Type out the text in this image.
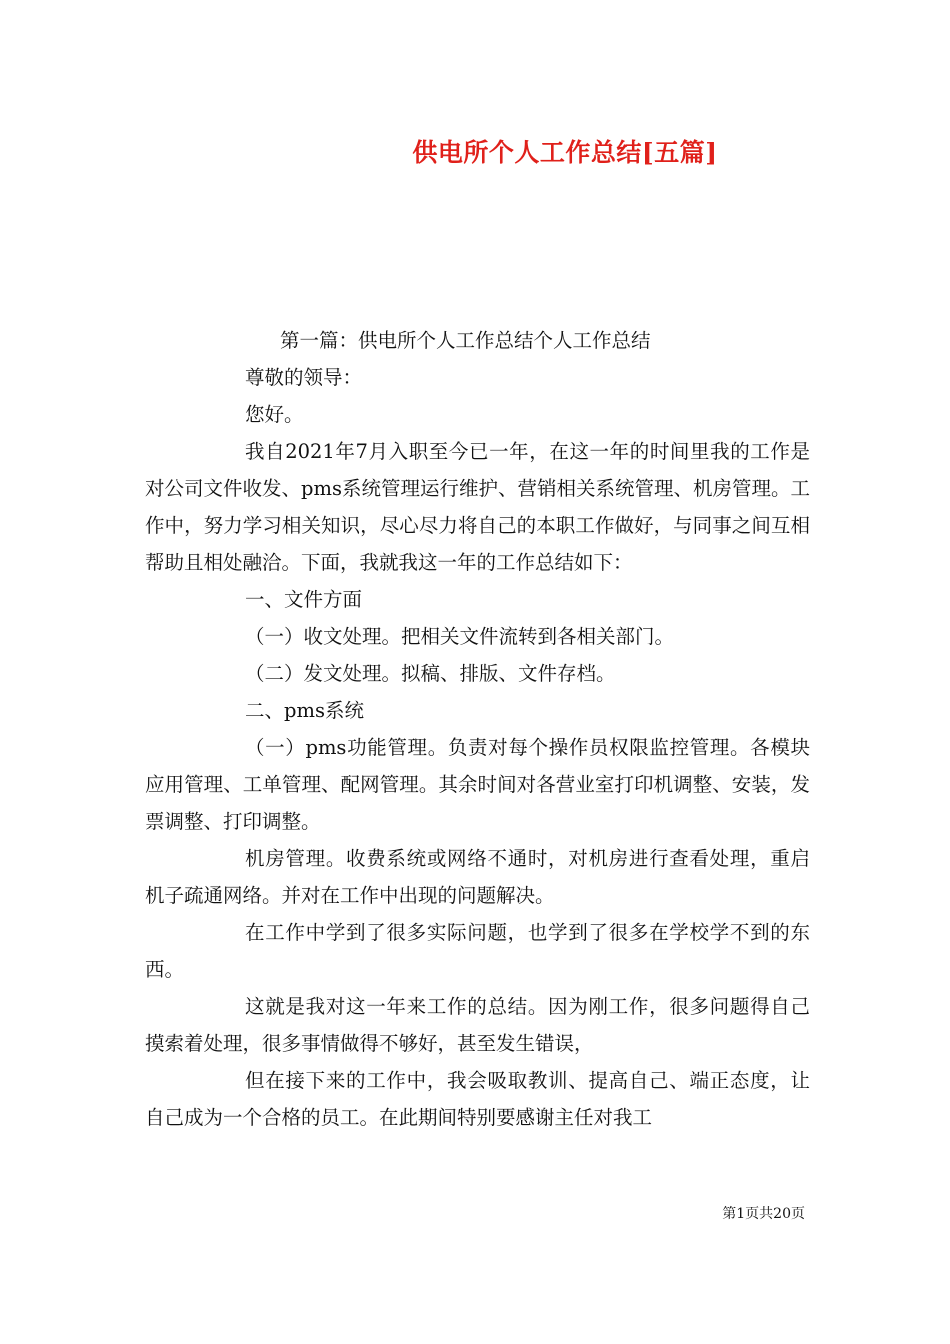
供电所个人工作总结[五篇]

第一篇：供电所个人工作总结个人工作总结

尊敬的领导：

您好。

我自2021年7月入职至今已一年，在这一年的时间里我的工作是对公司文件收发、pms系统管理运行维护、营销相关系统管理、机房管理。工作中，努力学习相关知识，尽心尽力将自己的本职工作做好，与同事之间互相帮助且相处融洽。下面，我就我这一年的工作总结如下：

一、文件方面

（一）收文处理。把相关文件流转到各相关部门。

（二）发文处理。拟稿、排版、文件存档。

二、pms系统

（一）pms功能管理。负责对每个操作员权限监控管理。各模块应用管理、工单管理、配网管理。其余时间对各营业室打印机调整、安装，发票调整、打印调整。

机房管理。收费系统或网络不通时，对机房进行查看处理，重启机子疏通网络。并对在工作中出现的问题解决。

在工作中学到了很多实际问题，也学到了很多在学校学不到的东西。

这就是我对这一年来工作的总结。因为刚工作，很多问题得自己摸索着处理，很多事情做得不够好，甚至发生错误，

但在接下来的工作中，我会吸取教训、提高自己、端正态度，让自己成为一个合格的员工。在此期间特别要感谢主任对我工

第1页共20页
